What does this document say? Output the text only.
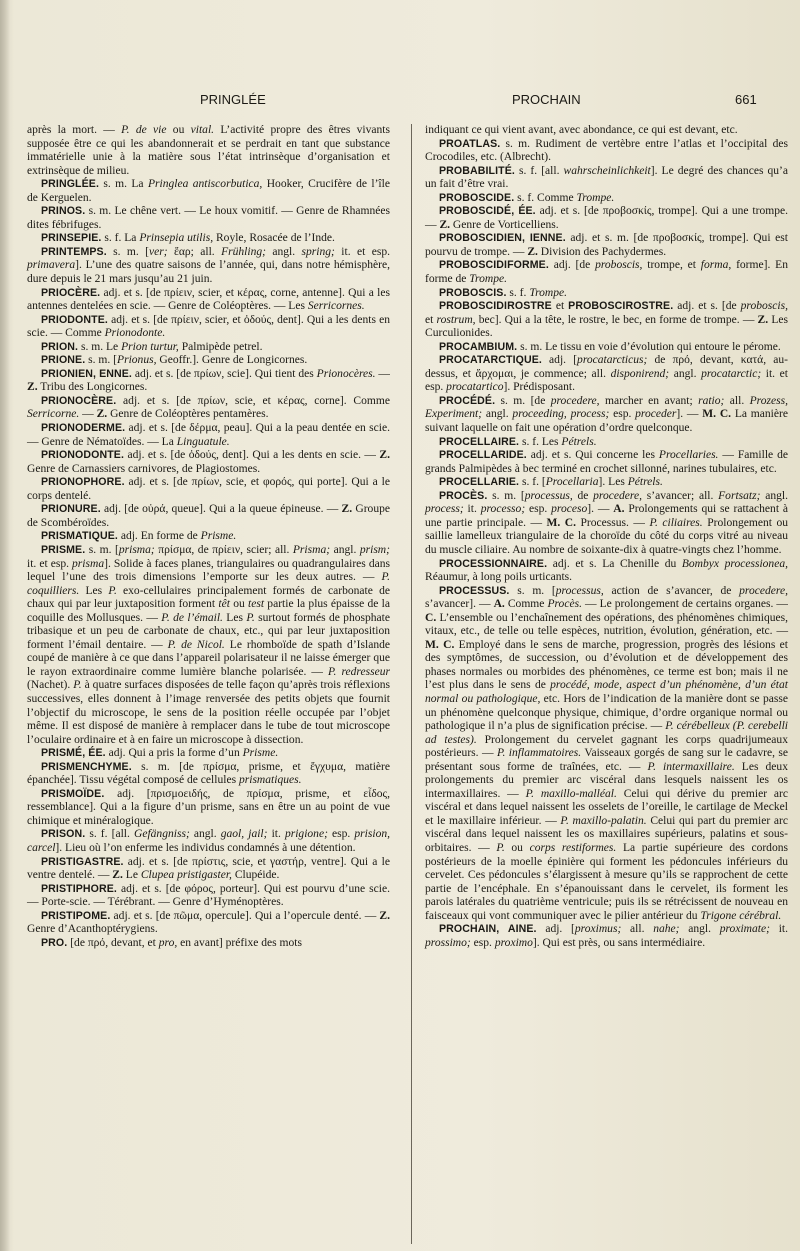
PRINGLÉE	PROCHAIN	661

après la mort. — P. de vie ou vital. L’activité propre des êtres vivants supposée être ce qui les abandonnerait et se perdrait en tant que substance immatérielle unie à la matière sous l’état intrinsèque d’organisation et extrinsèque de milieu.

PRINGLÉE. s. m. La Pringlea antiscorbutica, Hooker, Crucifère de l’île de Kerguelen.

PRINOS. s. m. Le chêne vert. — Le houx vomitif. — Genre de Rhamnées dites fébrifuges.

PRINSEPIE. s. f. La Prinsepia utilis, Royle, Rosacée de l’Inde.

PRINTEMPS. s. m. [ver; ἔαρ; all. Frühling; angl. spring; it. et esp. primavera]. L’une des quatre saisons de l’année, qui, dans notre hémisphère, dure depuis le 21 mars jusqu’au 21 juin.

PRIOCÈRE. adj. et s. [de πρίειν, scier, et κέρας, corne, antenne]. Qui a les antennes dentelées en scie. — Genre de Coléoptères. — Les Serricornes.

PRIODONTE. adj. et s. [de πρίειν, scier, et ὀδούς, dent]. Qui a les dents en scie. — Comme Prionodonte.

PRION. s. m. Le Prion turtur, Palmipède petrel.

PRIONE. s. m. [Prionus, Geoffr.]. Genre de Longicornes.

PRIONIEN, ENNE. adj. et s. [de πρίων, scie]. Qui tient des Prionocères. — Z. Tribu des Longicornes.

PRIONOCÈRE. adj. et s. [de πρίων, scie, et κέρας, corne]. Comme Serricorne. — Z. Genre de Coléoptères pentamères.

PRIONODERME. adj. et s. [de δέρμα, peau]. Qui a la peau dentée en scie. — Genre de Nématoïdes. — La Linguatule.

PRIONODONTE. adj. et s. [de ὀδούς, dent]. Qui a les dents en scie. — Z. Genre de Carnassiers carnivores, de Plagiostomes.

PRIONOPHORE. adj. et s. [de πρίων, scie, et φορός, qui porte]. Qui a le corps dentelé.

PRIONURE. adj. [de οὐρά, queue]. Qui a la queue épineuse. — Z. Groupe de Scombéroïdes.

PRISMATIQUE. adj. En forme de Prisme.

PRISME. s. m. [prisma; πρίσμα, de πρίειν, scier; all. Prisma; angl. prism; it. et esp. prisma]. Solide à faces planes, triangulaires ou quadrangulaires dans lequel l’une des trois dimensions l’emporte sur les deux autres. — P. coquilliers. Les P. exo-cellulaires principalement formés de carbonate de chaux qui par leur juxtaposition forment têt ou test partie la plus épaisse de la coquille des Mollusques. — P. de l’émail. Les P. surtout formés de phosphate tribasique et un peu de carbonate de chaux, etc., qui par leur juxtaposition forment l’émail dentaire. — P. de Nicol. Le rhomboïde de spath d’Islande coupé de manière à ce que dans l’appareil polarisateur il ne laisse émerger que le rayon extraordinaire comme lumière blanche polarisée. — P. redresseur (Nachet). P. à quatre surfaces disposées de telle façon qu’après trois réflexions successives, elles donnent à l’image renversée des petits objets que fournit l’objectif du microscope, le sens de la position réelle occupée par l’objet même. Il est disposé de manière à remplacer dans le tube de tout microscope l’oculaire ordinaire et à en faire un microscope à dissection.

PRISMÉ, ÉE. adj. Qui a pris la forme d’un Prisme.

PRISMENCHYME. s. m. [de πρίσμα, prisme, et ἔγχυμα, matière épanchée]. Tissu végétal composé de cellules prismatiques.

PRISMOÏDE. adj. [πρισμοειδής, de πρίσμα, prisme, et εἶδος, ressemblance]. Qui a la figure d’un prisme, sans en être un au point de vue chimique et minéralogique.

PRISON. s. f. [all. Gefängniss; angl. gaol, jail; it. prigione; esp. prision, carcel]. Lieu où l’on enferme les individus condamnés à une détention.

PRISTIGASTRE. adj. et s. [de πρίστις, scie, et γαστήρ, ventre]. Qui a le ventre dentelé. — Z. Le Clupea pristigaster, Clupéide.

PRISTIPHORE. adj. et s. [de φόρος, porteur]. Qui est pourvu d’une scie. — Porte-scie. — Térébrant. — Genre d’Hyménoptères.

PRISTIPOME. adj. et s. [de πῶμα, opercule]. Qui a l’opercule denté. — Z. Genre d’Acanthoptérygiens.

PRO. [de πρό, devant, et pro, en avant] préfixe des mots

indiquant ce qui vient avant, avec abondance, ce qui est devant, etc.

PROATLAS. s. m. Rudiment de vertèbre entre l’atlas et l’occipital des Crocodiles, etc. (Albrecht).

PROBABILITÉ. s. f. [all. wahrscheinlichkeit]. Le degré des chances qu’a un fait d’être vrai.

PROBOSCIDE. s. f. Comme Trompe.

PROBOSCIDÉ, ÉE. adj. et s. [de προβοσκίς, trompe]. Qui a une trompe. — Z. Genre de Vorticelliens.

PROBOSCIDIEN, IENNE. adj. et s. m. [de προβοσκίς, trompe]. Qui est pourvu de trompe. — Z. Division des Pachydermes.

PROBOSCIDIFORME. adj. [de proboscis, trompe, et forma, forme]. En forme de Trompe.

PROBOSCIS. s. f. Trompe.

PROBOSCIDIROSTRE et PROBOSCIROSTRE. adj. et s. [de proboscis, et rostrum, bec]. Qui a la tête, le rostre, le bec, en forme de trompe. — Z. Les Curculionides.

PROCAMBIUM. s. m. Le tissu en voie d’évolution qui entoure le pérome.

PROCATARCTIQUE. adj. [procatarcticus; de πρό, devant, κατά, au-dessus, et ἄρχομαι, je commence; all. disponirend; angl. procatarctic; it. et esp. procatartico]. Prédisposant.

PROCÉDÉ. s. m. [de procedere, marcher en avant; ratio; all. Prozess, Experiment; angl. proceeding, process; esp. proceder]. — M. C. La manière suivant laquelle on fait une opération d’ordre quelconque.

PROCELLAIRE. s. f. Les Pétrels.

PROCELLARIDE. adj. et s. Qui concerne les Procellaries. — Famille de grands Palmipèdes à bec terminé en crochet sillonné, narines tubulaires, etc.

PROCELLARIE. s. f. [Procellaria]. Les Pétrels.

PROCÈS. s. m. [processus, de procedere, s’avancer; all. Fortsatz; angl. process; it. processo; esp. proceso]. — A. Prolongements qui se rattachent à une partie principale. — M. C. Processus. — P. ciliaires. Prolongement ou saillie lamelleux triangulaire de la choroïde du côté du corps vitré au niveau du muscle ciliaire. Au nombre de soixante-dix à quatre-vingts chez l’homme.

PROCESSIONNAIRE. adj. et s. La Chenille du Bombyx processionea, Réaumur, à long poils urticants.

PROCESSUS. s. m. [processus, action de s’avancer, de procedere, s’avancer]. — A. Comme Procès. — Le prolongement de certains organes. — C. L’ensemble ou l’enchaînement des opérations, des phénomènes chimiques, vitaux, etc., de telle ou telle espèces, nutrition, évolution, génération, etc. — M. C. Employé dans le sens de marche, progression, progrès des lésions et des symptômes, de succession, ou d’évolution et de développement des phases normales ou morbides des phénomènes, ce terme est bon; mais il ne l’est plus dans le sens de procédé, mode, aspect d’un phénomène, d’un état normal ou pathologique, etc. Hors de l’indication de la manière dont se passe un phénomène quelconque physique, chimique, d’ordre organique normal ou pathologique il n’a plus de signification précise. — P. cérébelleux (P. cerebelli ad testes). Prolongement du cervelet gagnant les corps quadrijumeaux postérieurs. — P. inflammatoires. Vaisseaux gorgés de sang sur le cadavre, se présentant sous forme de traînées, etc. — P. intermaxillaire. Les deux prolongements du premier arc viscéral dans lesquels naissent les os intermaxillaires. — P. maxillo-malléal. Celui qui dérive du premier arc viscéral et dans lequel naissent les osselets de l’oreille, le cartilage de Meckel et le maxillaire inférieur. — P. maxillo-palatin. Celui qui part du premier arc viscéral dans lequel naissent les os maxillaires supérieurs, palatins et sous-orbitaires. — P. ou corps restiformes. La partie supérieure des cordons postérieurs de la moelle épinière qui forment les pédoncules inférieurs du cervelet. Ces pédoncules s’élargissent à mesure qu’ils se rapprochent de cette partie de l’encéphale. En s’épanouissant dans le cervelet, ils forment les parois latérales du quatrième ventricule; puis ils se rétrécissent de nouveau en faisceaux qui vont communiquer avec le pilier antérieur du Trigone cérébral.

PROCHAIN, AINE. adj. [proximus; all. nahe; angl. proximate; it. prossimo; esp. proximo]. Qui est près, ou sans intermédiaire.
